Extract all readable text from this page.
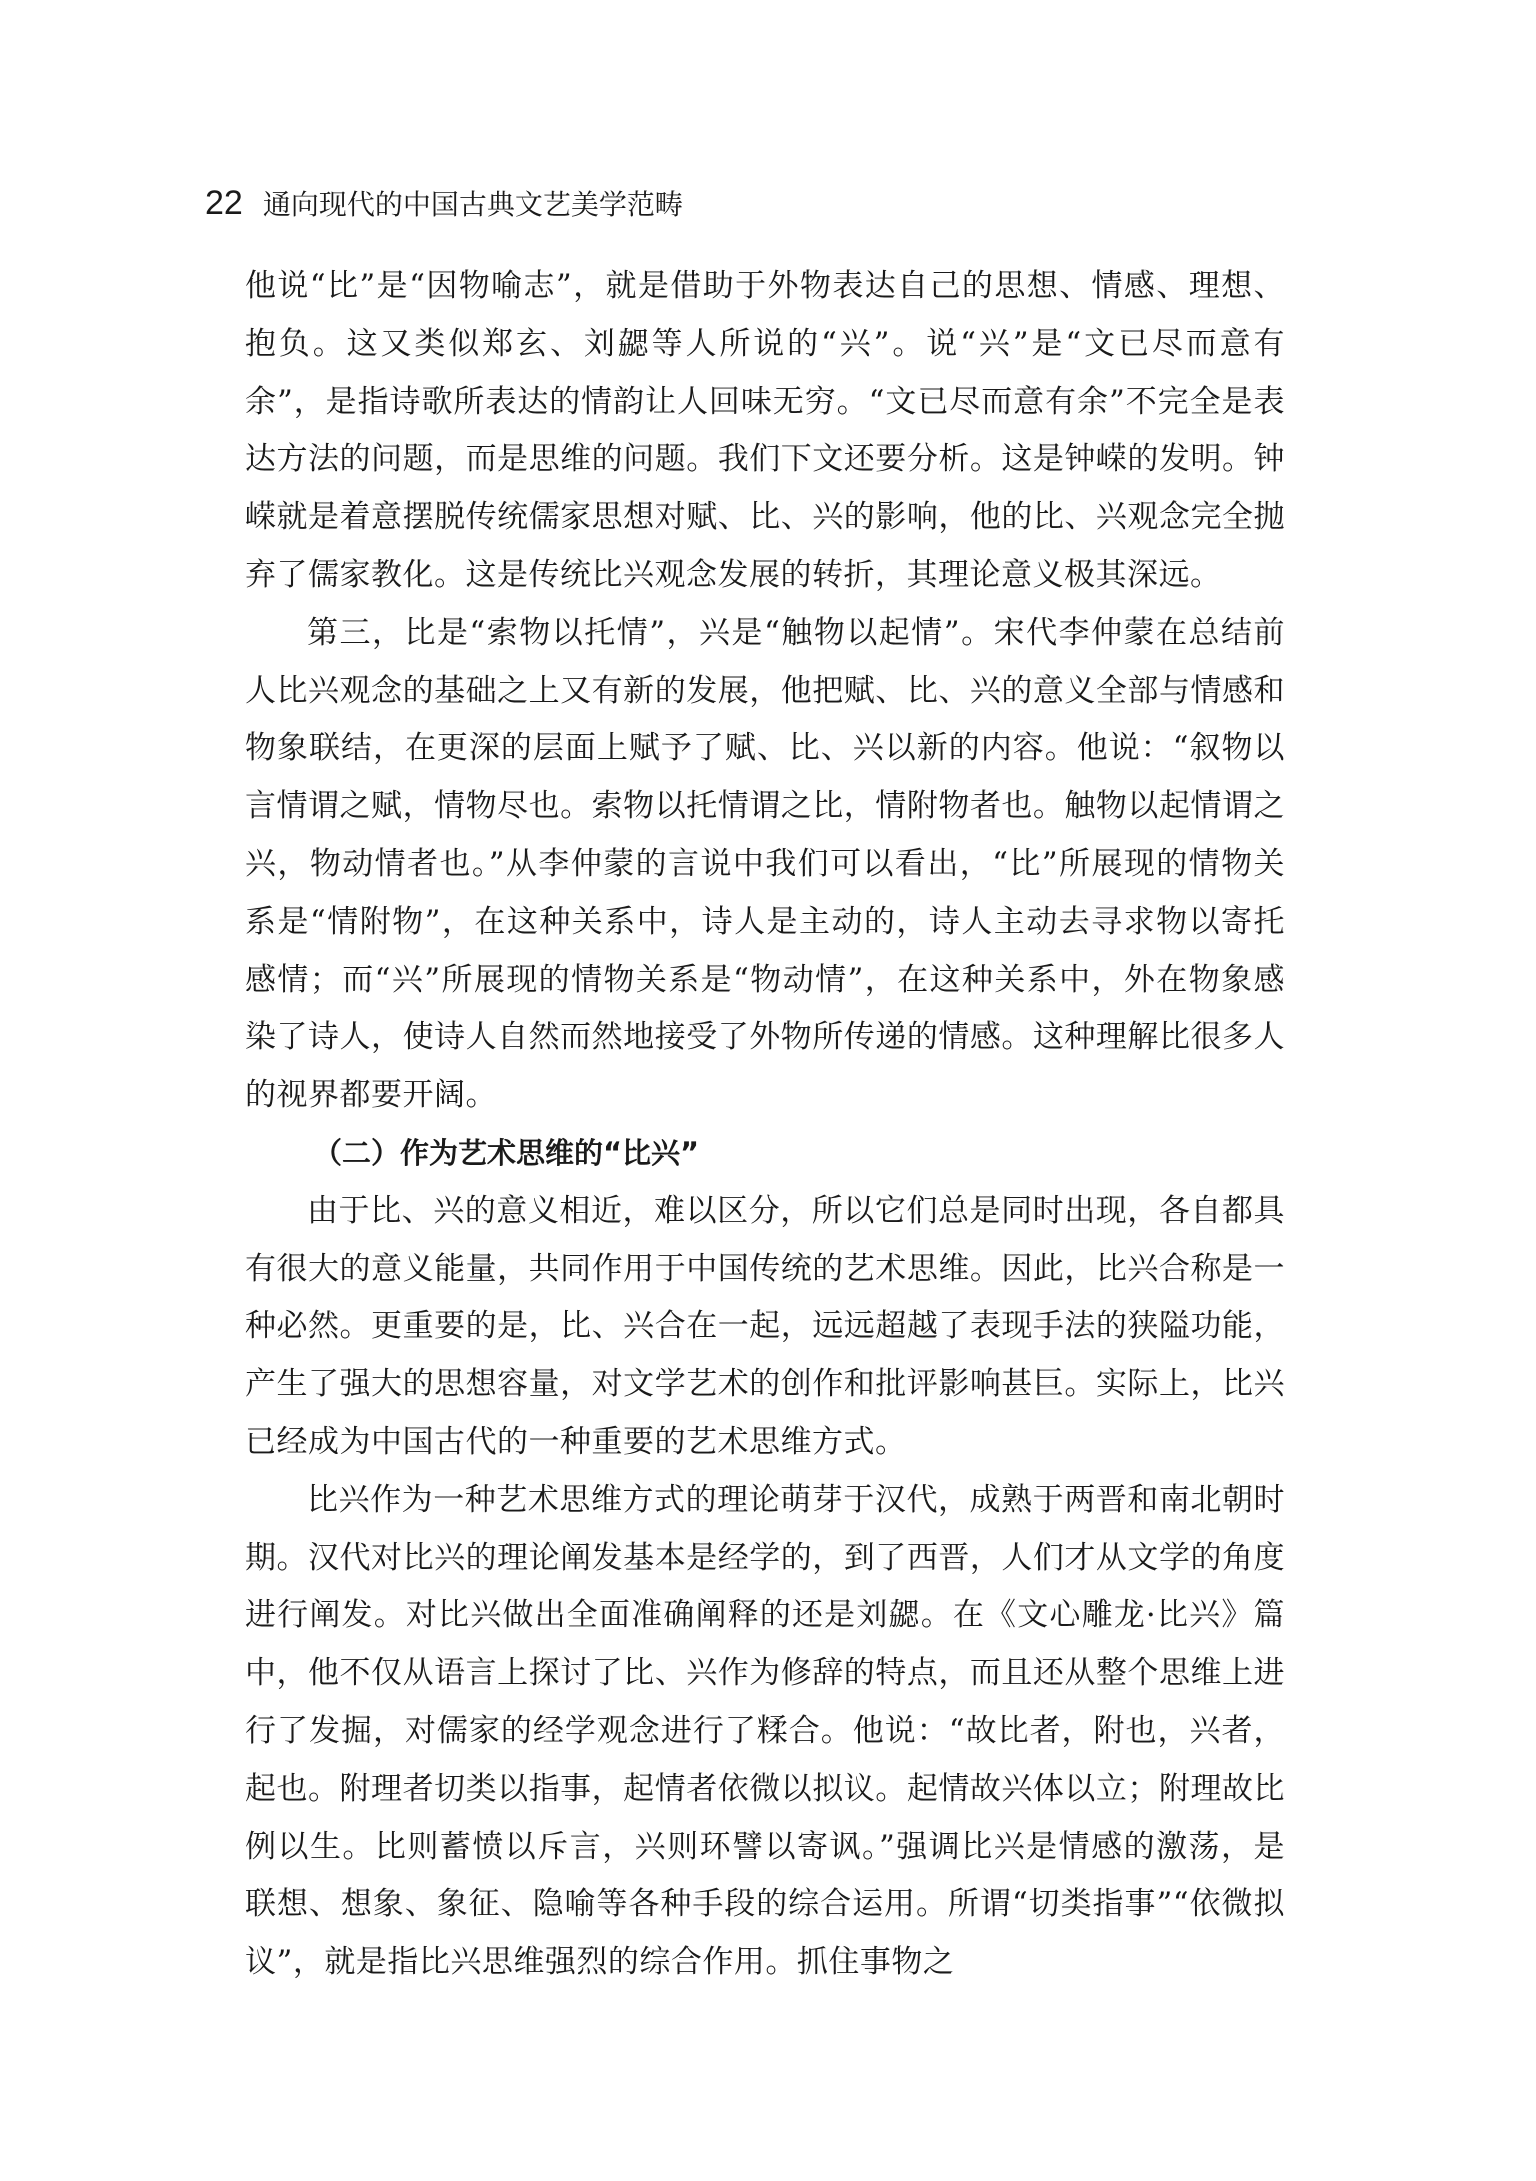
22 通向现代的中国古典文艺美学范畴

他说“比”是“因物喻志”，就是借助于外物表达自己的思想、情感、理想、抱负。这又类似郑玄、刘勰等人所说的“兴”。说“兴”是“文已尽而意有余”，是指诗歌所表达的情韵让人回味无穷。“文已尽而意有余”不完全是表达方法的问题，而是思维的问题。我们下文还要分析。这是钟嵘的发明。钟嵘就是着意摆脱传统儒家思想对赋、比、兴的影响，他的比、兴观念完全抛弃了儒家教化。这是传统比兴观念发展的转折，其理论意义极其深远。

第三，比是“索物以托情”，兴是“触物以起情”。宋代李仲蒙在总结前人比兴观念的基础之上又有新的发展，他把赋、比、兴的意义全部与情感和物象联结，在更深的层面上赋予了赋、比、兴以新的内容。他说：“叙物以言情谓之赋，情物尽也。索物以托情谓之比，情附物者也。触物以起情谓之兴，物动情者也。”从李仲蒙的言说中我们可以看出，“比”所展现的情物关系是“情附物”，在这种关系中，诗人是主动的，诗人主动去寻求物以寄托感情；而“兴”所展现的情物关系是“物动情”，在这种关系中，外在物象感染了诗人，使诗人自然而然地接受了外物所传递的情感。这种理解比很多人的视界都要开阔。

（二）作为艺术思维的“比兴”

由于比、兴的意义相近，难以区分，所以它们总是同时出现，各自都具有很大的意义能量，共同作用于中国传统的艺术思维。因此，比兴合称是一种必然。更重要的是，比、兴合在一起，远远超越了表现手法的狭隘功能，产生了强大的思想容量，对文学艺术的创作和批评影响甚巨。实际上，比兴已经成为中国古代的一种重要的艺术思维方式。

比兴作为一种艺术思维方式的理论萌芽于汉代，成熟于两晋和南北朝时期。汉代对比兴的理论阐发基本是经学的，到了西晋，人们才从文学的角度进行阐发。对比兴做出全面准确阐释的还是刘勰。在《文心雕龙·比兴》篇中，他不仅从语言上探讨了比、兴作为修辞的特点，而且还从整个思维上进行了发掘，对儒家的经学观念进行了糅合。他说：“故比者，附也，兴者，起也。附理者切类以指事，起情者依微以拟议。起情故兴体以立；附理故比例以生。比则蓄愤以斥言，兴则环譬以寄讽。”强调比兴是情感的激荡，是联想、想象、象征、隐喻等各种手段的综合运用。所谓“切类指事”“依微拟议”，就是指比兴思维强烈的综合作用。抓住事物之
